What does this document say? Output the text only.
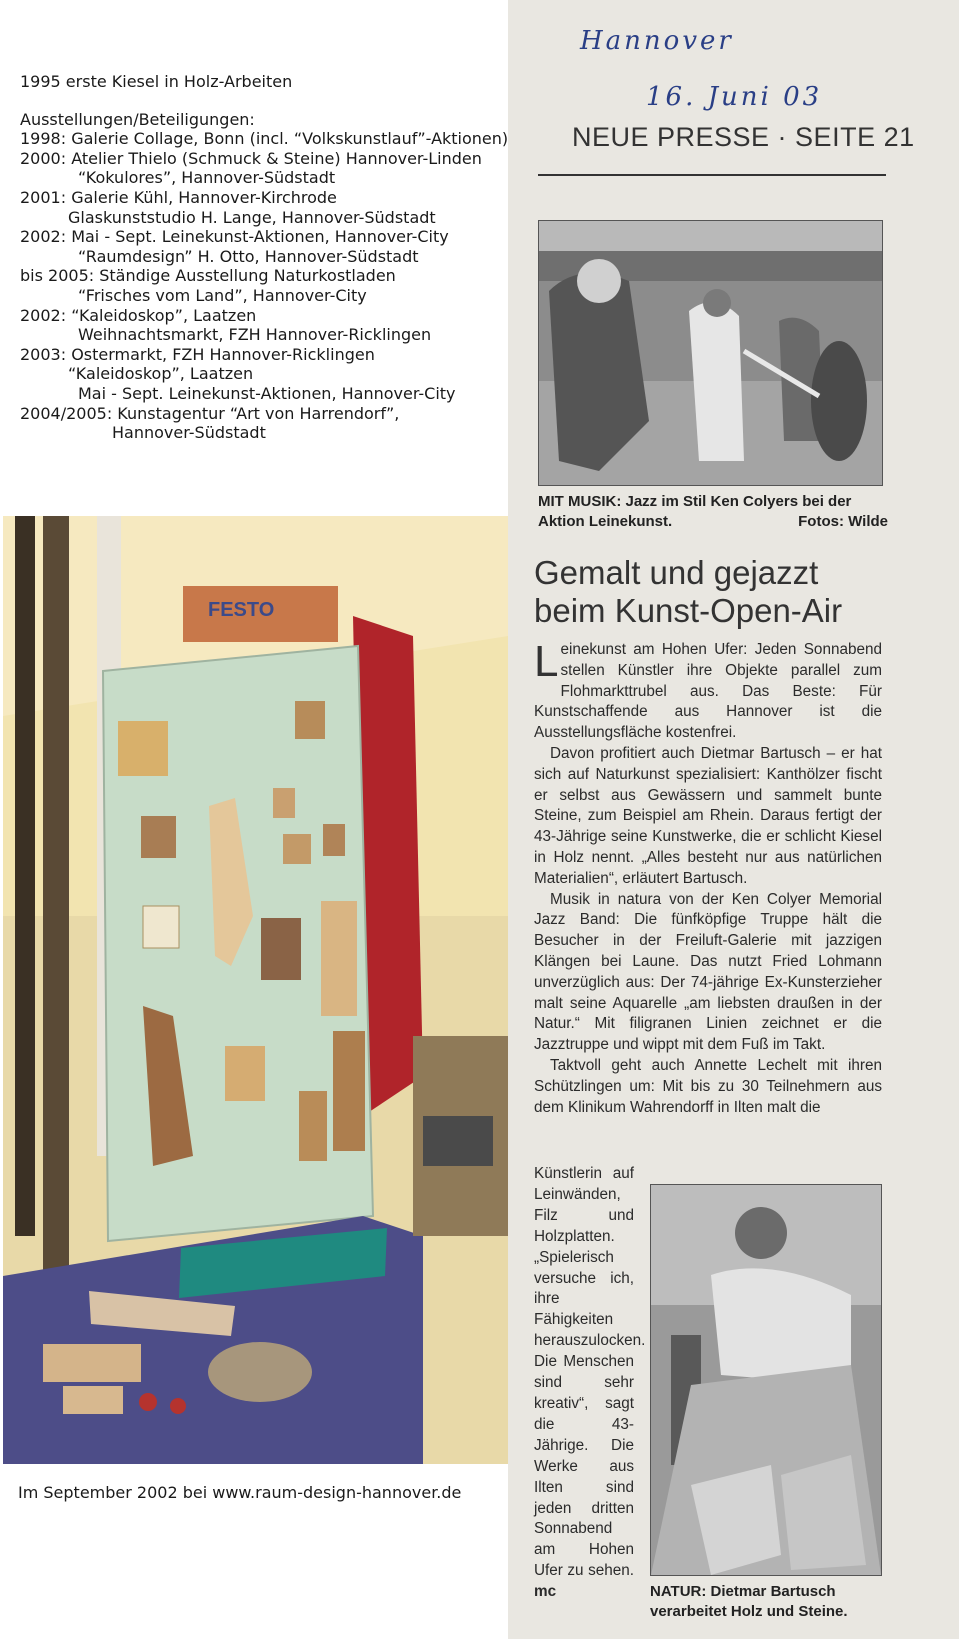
1995 erste Kiesel in Holz-Arbeiten
Ausstellungen/Beteiligungen:
1998: Galerie Collage, Bonn (incl. “Volkskunstlauf”-Aktionen)
2000: Atelier Thielo (Schmuck & Steine) Hannover-Linden
“Kokulores”, Hannover-Südstadt
2001: Galerie Kühl, Hannover-Kirchrode
Glaskunststudio H. Lange, Hannover-Südstadt
2002: Mai - Sept. Leinekunst-Aktionen, Hannover-City
“Raumdesign” H. Otto, Hannover-Südstadt
bis 2005: Ständige Ausstellung Naturkostladen
“Frisches vom Land”, Hannover-City
2002: “Kaleidoskop”, Laatzen
Weihnachtsmarkt, FZH Hannover-Ricklingen
2003: Ostermarkt, FZH Hannover-Ricklingen
“Kaleidoskop”, Laatzen
Mai - Sept. Leinekunst-Aktionen, Hannover-City
2004/2005: Kunstagentur “Art von Harrendorf”,
Hannover-Südstadt
FESTO
Im September 2002 bei www.raum-design-hannover.de
Hannover
16. Juni 03
NEUE PRESSE · SEITE 21
MIT MUSIK: Jazz im Stil Ken Colyers bei der
Aktion Leinekunst.	Fotos: Wilde
Gemalt und gejazzt
beim Kunst-Open-Air

Leinekunst am Hohen Ufer: Jeden Sonnabend stellen Künstler ihre Objekte parallel zum Flohmarkttrubel aus. Das Beste: Für Kunstschaffende aus Hannover ist die Ausstellungsfläche kostenfrei.

Davon profitiert auch Dietmar Bartusch – er hat sich auf Naturkunst spezialisiert: Kanthölzer fischt er selbst aus Gewässern und sammelt bunte Steine, zum Beispiel am Rhein. Daraus fertigt der 43-Jährige seine Kunstwerke, die er schlicht Kiesel in Holz nennt. „Alles besteht nur aus natürlichen Materialien“, erläutert Bartusch.

Musik in natura von der Ken Colyer Memorial Jazz Band: Die fünfköpfige Truppe hält die Besucher in der Freiluft-Galerie mit jazzigen Klängen bei Laune. Das nutzt Fried Lohmann unverzüglich aus: Der 74-jährige Ex-Kunsterzieher malt seine Aquarelle „am liebsten draußen in der Natur.“ Mit filigranen Linien zeichnet er die Jazztruppe und wippt mit dem Fuß im Takt.

Taktvoll geht auch Annette Lechelt mit ihren Schützlingen um: Mit bis zu 30 Teilnehmern aus dem Klinikum Wahrendorff in Ilten malt die

Künstlerin auf Leinwänden, Filz und Holzplatten. „Spielerisch versuche ich, ihre Fähigkeiten herauszulocken. Die Menschen sind sehr kreativ“, sagt die 43-Jährige. Die Werke aus Ilten sind jeden dritten Sonnabend am Hohen Ufer zu sehen. mc	NATUR: Dietmar Bartusch
verarbeitet Holz und Steine.
